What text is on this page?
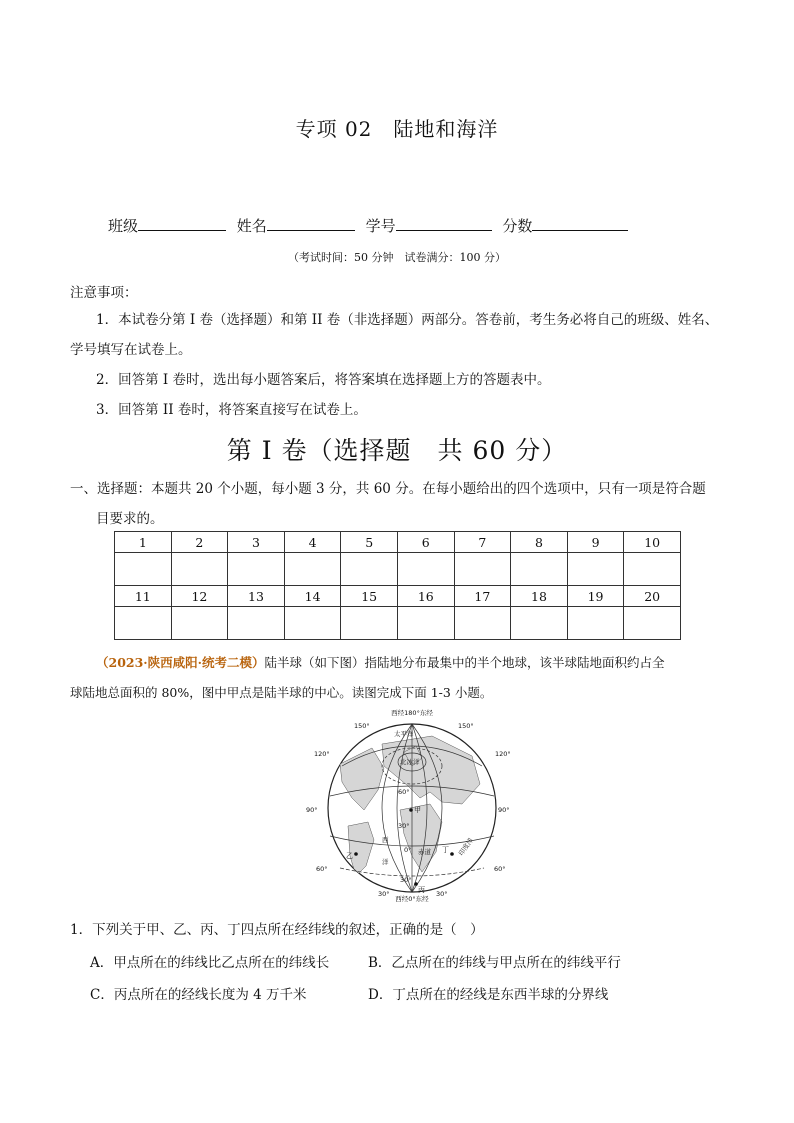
专项 02　陆地和海洋
班级	姓名	学号	分数
（考试时间：50 分钟　试卷满分：100 分）
注意事项：
1．本试卷分第 I 卷（选择题）和第 II 卷（非选择题）两部分。答卷前，考生务必将自己的班级、姓名、
学号填写在试卷上。
2．回答第 I 卷时，选出每小题答案后，将答案填在选择题上方的答题表中。
3．回答第 II 卷时，将答案直接写在试卷上。
第 I 卷（选择题　共 60 分）
一、选择题：本题共 20 个小题，每小题 3 分，共 60 分。在每小题给出的四个选项中，只有一项是符合题
目要求的。
1	2	3	4	5	6	7	8	9	10

11	12	13	14	15	16	17	18	19	20

（2023·陕西咸阳·统考二模）陆半球（如下图）指陆地分布最集中的半个地球，该半球陆地面积约占全
球陆地总面积的 80%，图中甲点是陆半球的中心。读图完成下面 1-3 小题。
西经180°东经
西经0°东经
150°	150°
120°	120°
90°	90°
60°	60°
30°	30°
60°
30°
0°
30°
太平洋
北冰洋
印度洋
西
洋
赤道
甲
乙
丙
丁
1．下列关于甲、乙、丙、丁四点所在经纬线的叙述，正确的是（　）
A．甲点所在的纬线比乙点所在的纬线长	B．乙点所在的纬线与甲点所在的纬线平行
C．丙点所在的经线长度为 4 万千米	D．丁点所在的经线是东西半球的分界线
